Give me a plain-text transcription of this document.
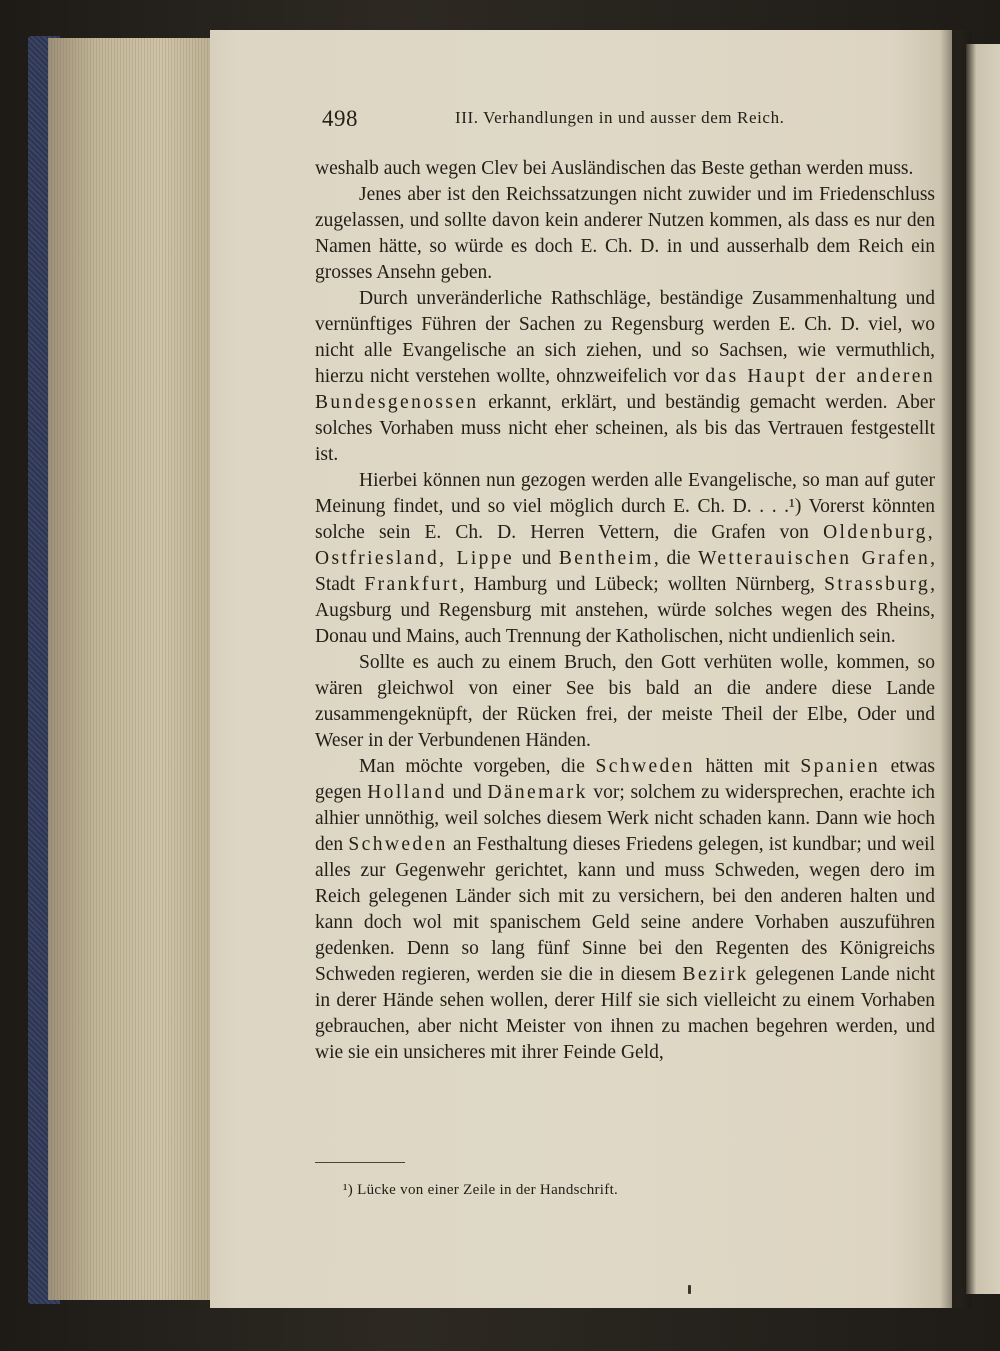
498	III. Verhandlungen in und ausser dem Reich.

weshalb auch wegen Clev bei Ausländischen das Beste gethan werden muss.

Jenes aber ist den Reichssatzungen nicht zuwider und im Friedenschluss zugelassen, und sollte davon kein anderer Nutzen kommen, als dass es nur den Namen hätte, so würde es doch E. Ch. D. in und ausserhalb dem Reich ein grosses Ansehn geben.

Durch unveränderliche Rathschläge, beständige Zusammenhaltung und vernünftiges Führen der Sachen zu Regensburg werden E. Ch. D. viel, wo nicht alle Evangelische an sich ziehen, und so Sachsen, wie vermuthlich, hierzu nicht verstehen wollte, ohnzweifelich vor das Haupt der anderen Bundesgenossen erkannt, erklärt, und beständig gemacht werden. Aber solches Vorhaben muss nicht eher scheinen, als bis das Vertrauen festgestellt ist.

Hierbei können nun gezogen werden alle Evangelische, so man auf guter Meinung findet, und so viel möglich durch E. Ch. D. . . .¹) Vorerst könnten solche sein E. Ch. D. Herren Vettern, die Grafen von Oldenburg, Ostfriesland, Lippe und Bentheim, die Wetterauischen Grafen, Stadt Frankfurt, Hamburg und Lübeck; wollten Nürnberg, Strassburg, Augsburg und Regensburg mit anstehen, würde solches wegen des Rheins, Donau und Mains, auch Trennung der Katholischen, nicht undienlich sein.

Sollte es auch zu einem Bruch, den Gott verhüten wolle, kommen, so wären gleichwol von einer See bis bald an die andere diese Lande zusammengeknüpft, der Rücken frei, der meiste Theil der Elbe, Oder und Weser in der Verbundenen Händen.

Man möchte vorgeben, die Schweden hätten mit Spanien etwas gegen Holland und Dänemark vor; solchem zu widersprechen, erachte ich alhier unnöthig, weil solches diesem Werk nicht schaden kann. Dann wie hoch den Schweden an Festhaltung dieses Friedens gelegen, ist kundbar; und weil alles zur Gegenwehr gerichtet, kann und muss Schweden, wegen dero im Reich gelegenen Länder sich mit zu versichern, bei den anderen halten und kann doch wol mit spanischem Geld seine andere Vorhaben auszuführen gedenken. Denn so lang fünf Sinne bei den Regenten des Königreichs Schweden regieren, werden sie die in diesem Bezirk gelegenen Lande nicht in derer Hände sehen wollen, derer Hilf sie sich vielleicht zu einem Vorhaben gebrauchen, aber nicht Meister von ihnen zu machen begehren werden, und wie sie ein unsicheres mit ihrer Feinde Geld,

¹) Lücke von einer Zeile in der Handschrift.
